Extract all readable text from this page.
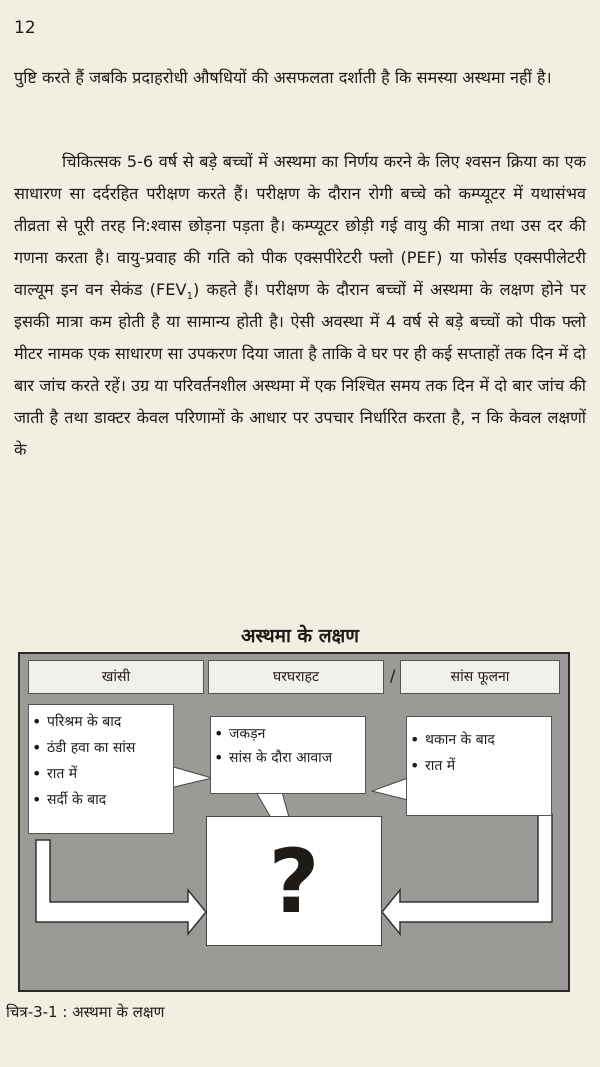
12

पुष्टि करते हैं जबकि प्रदाहरोधी औषधियों की असफलता दर्शाती है कि समस्या अस्थमा नहीं है।

चिकित्सक 5-6 वर्ष से बड़े बच्चों में अस्थमा का निर्णय करने के लिए श्वसन क्रिया का एक साधारण सा दर्दरहित परीक्षण करते हैं। परीक्षण के दौरान रोगी बच्चे को कम्प्यूटर में यथासंभव तीव्रता से पूरी तरह नि:श्वास छोड़ना पड़ता है। कम्प्यूटर छोड़ी गई वायु की मात्रा तथा उस दर की गणना करता है। वायु-प्रवाह की गति को पीक एक्सपीरेटरी फ्लो (PEF) या फोर्सड एक्सपीलेटरी वाल्यूम इन वन सेकंड $(FEV_1)$ कहते हैं। परीक्षण के दौरान बच्चों में अस्थमा के लक्षण होने पर इसकी मात्रा कम होती है या सामान्य होती है। ऐसी अवस्था में 4 वर्ष से बड़े बच्चों को पीक फ्लो मीटर नामक एक साधारण सा उपकरण दिया जाता है ताकि वे घर पर ही कई सप्ताहों तक दिन में दो बार जांच करते रहें। उग्र या परिवर्तनशील अस्थमा में एक निश्चित समय तक दिन में दो बार जांच की जाती है तथा डाक्टर केवल परिणामों के आधार पर उपचार निर्धारित करता है, न कि केवल लक्षणों के

अस्थमा के लक्षण
खांसी	घरघराहट	/	सांस फूलना
• परिश्रम के बाद
• ठंडी हवा का सांस
• रात में
• सर्दी के बाद
• जकड़न
• सांस के दौरा आवाज
• थकान के बाद
• रात में
?
चित्र-3-1 : अस्थमा के लक्षण
